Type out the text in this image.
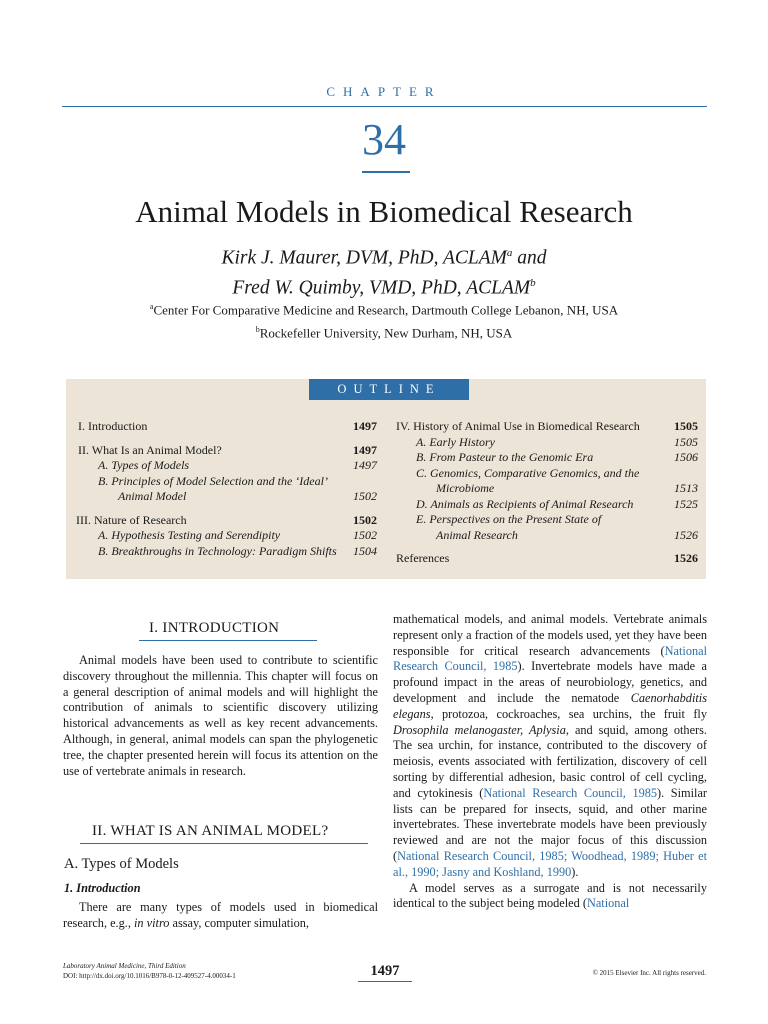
CHAPTER
34
Animal Models in Biomedical Research
Kirk J. Maurer, DVM, PhD, ACLAM$^a$ and
Fred W. Quimby, VMD, PhD, ACLAM$^b$
$^a$Center For Comparative Medicine and Research, Dartmouth College Lebanon, NH, USA
$^b$Rockefeller University, New Durham, NH, USA
OUTLINE
I. Introduction	1497
II. What Is an Animal Model?	1497
A. Types of Models	1497
B. Principles of Model Selection and the ‘Ideal’
Animal Model	1502
III. Nature of Research	1502
A. Hypothesis Testing and Serendipity	1502
B. Breakthroughs in Technology: Paradigm Shifts 1504
IV. History of Animal Use in Biomedical Research	1505
A. Early History	1505
B. From Pasteur to the Genomic Era	1506
C. Genomics, Comparative Genomics, and the
Microbiome	1513
D. Animals as Recipients of Animal Research	1525
E. Perspectives on the Present State of
Animal Research	1526
References	1526
I. INTRODUCTION

Animal models have been used to contribute to scientific discovery throughout the millennia. This chapter will focus on a general description of animal models and will highlight the contribution of animals to scientific discovery utilizing historical advancements as well as key recent advancements. Although, in general, animal models can span the phylogenetic tree, the chapter presented herein will focus its attention on the use of vertebrate animals in research.

II. WHAT IS AN ANIMAL MODEL?
A. Types of Models
1. Introduction

There are many types of models used in biomedical research, e.g., in vitro assay, computer simulation,

mathematical models, and animal models. Vertebrate animals represent only a fraction of the models used, yet they have been responsible for critical research advancements (National Research Council, 1985). Invertebrate models have made a profound impact in the areas of neurobiology, genetics, and development and include the nematode Caenorhabditis elegans, protozoa, cockroaches, sea urchins, the fruit fly Drosophila melanogaster, Aplysia, and squid, among others. The sea urchin, for instance, contributed to the discovery of meiosis, events associated with fertilization, discovery of cell sorting by differential adhesion, basic control of cell cycling, and cytokinesis (National Research Council, 1985). Similar lists can be prepared for insects, squid, and other marine invertebrates. These invertebrate models have been previously reviewed and are not the major focus of this discussion (National Research Council, 1985; Woodhead, 1989; Huber et al., 1990; Jasny and Koshland, 1990).

A model serves as a surrogate and is not necessarily identical to the subject being modeled (National

Laboratory Animal Medicine, Third Edition
DOI: http://dx.doi.org/10.1016/B978-0-12-409527-4.00034-1	1497	© 2015 Elsevier Inc. All rights reserved.
